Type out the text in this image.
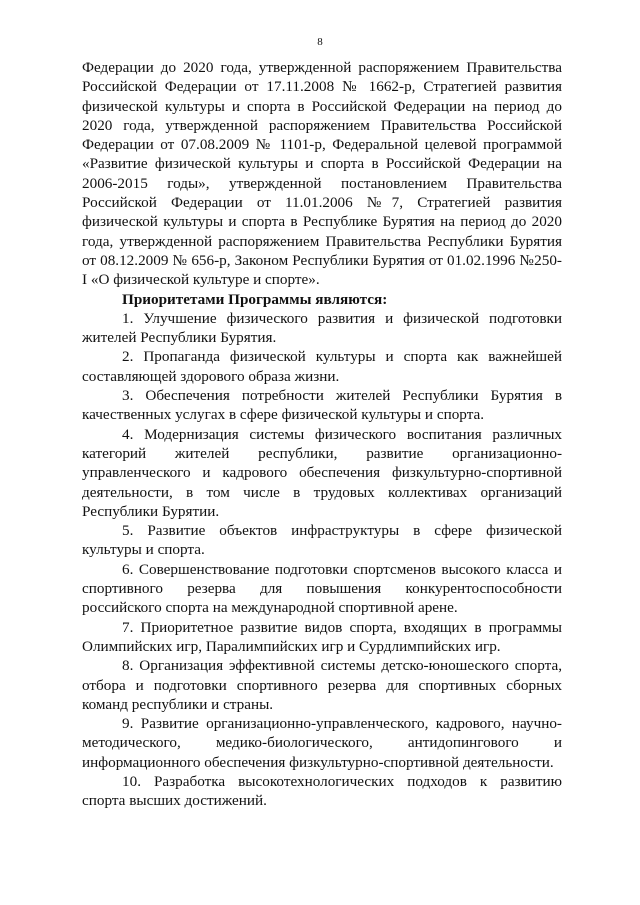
8

Федерации до 2020 года, утвержденной распоряжением Правительства Российской Федерации от 17.11.2008 № 1662-р, Стратегией развития физической культуры и спорта в Российской Федерации на период до 2020 года, утвержденной распоряжением Правительства Российской Федерации от 07.08.2009 № 1101-р, Федеральной целевой программой «Развитие физической культуры и спорта в Российской Федерации на 2006-2015 годы», утвержденной постановлением Правительства Российской Федерации от 11.01.2006 №7, Стратегией развития физической культуры и спорта в Республике Бурятия на период до 2020 года, утвержденной распоряжением Правительства Республики Бурятия от 08.12.2009 № 656-р, Законом Республики Бурятия от 01.02.1996 №250-I «О физической культуре и спорте».

Приоритетами Программы являются:

1. Улучшение физического развития и физической подготовки жителей Республики Бурятия.

2. Пропаганда физической культуры и спорта как важнейшей составляющей здорового образа жизни.

3. Обеспечения потребности жителей Республики Бурятия в качественных услугах в сфере физической культуры и спорта.

4. Модернизация системы физического воспитания различных категорий жителей республики, развитие организационно-управленческого и кадрового обеспечения физкультурно-спортивной деятельности, в том числе в трудовых коллективах организаций Республики Бурятии.

5. Развитие объектов инфраструктуры в сфере физической культуры и спорта.

6. Совершенствование подготовки спортсменов высокого класса и спортивного резерва для повышения конкурентоспособности российского спорта на международной спортивной арене.

7. Приоритетное развитие видов спорта, входящих в программы Олимпийских игр, Паралимпийских игр и Сурдлимпийских игр.

8. Организация эффективной системы детско-юношеского спорта, отбора и подготовки спортивного резерва для спортивных сборных команд республики и страны.

9. Развитие организационно-управленческого, кадрового, научно-методического, медико-биологического, антидопингового и информационного обеспечения физкультурно-спортивной деятельности.

10. Разработка высокотехнологических подходов к развитию спорта высших достижений.
